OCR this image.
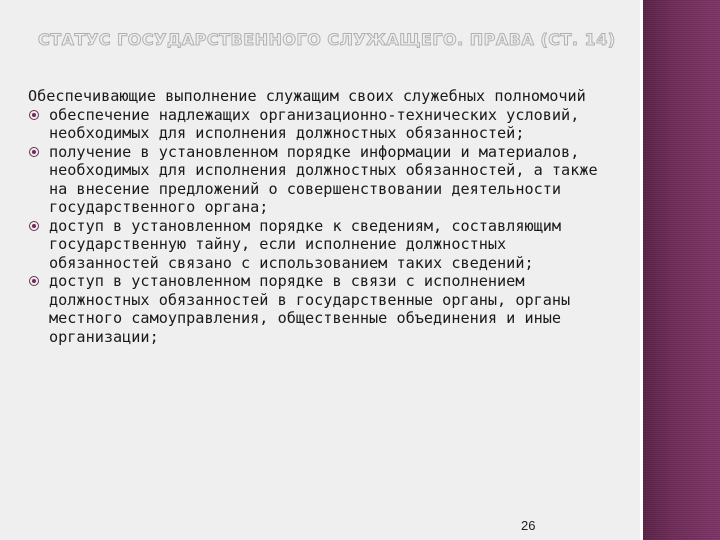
СТАТУС ГОСУДАРСТВЕННОГО СЛУЖАЩЕГО. ПРАВА (СТ. 14)

Обеспечивающие выполнение служащим своих служебных полномочий

обеспечение надлежащих организационно-технических условий, необходимых для исполнения должностных обязанностей;
получение в установленном порядке информации и материалов, необходимых для исполнения должностных обязанностей, а также на внесение предложений о совершенствовании деятельности государственного органа;
доступ в установленном порядке к сведениям, составляющим государственную тайну, если исполнение должностных обязанностей связано с использованием таких сведений;
доступ в установленном порядке в связи с исполнением должностных обязанностей в государственные органы, органы местного самоуправления, общественные объединения и иные организации;
26
